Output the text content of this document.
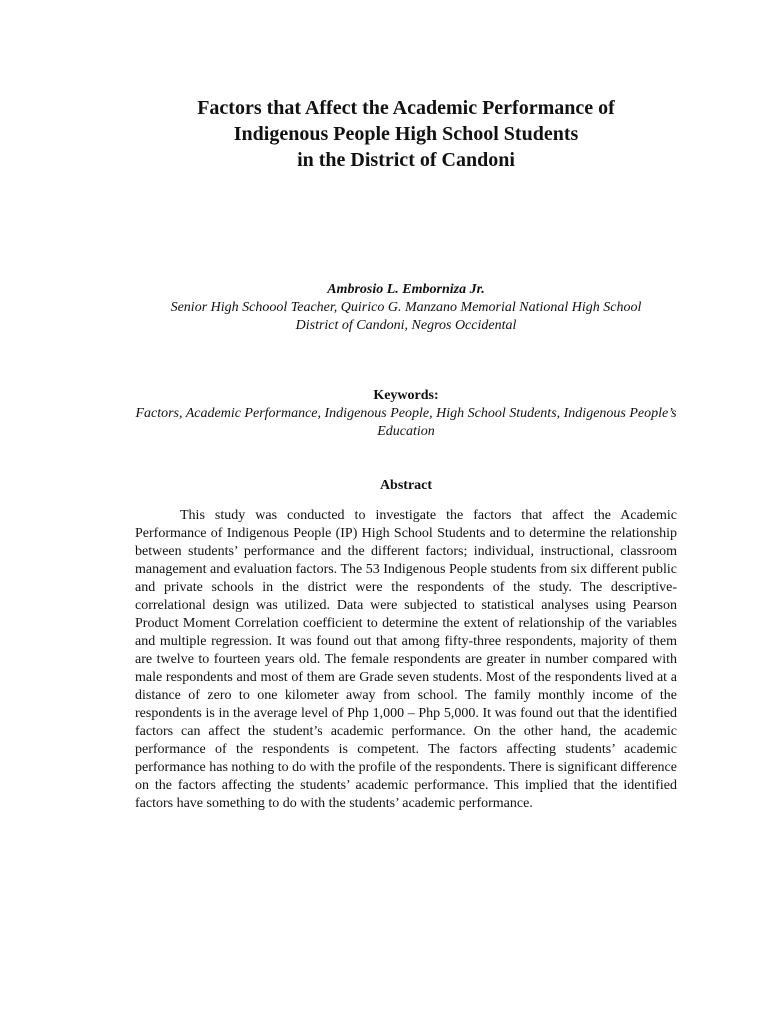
Factors that Affect the Academic Performance of
Indigenous People High School Students
in the District of Candoni
Ambrosio L. Emborniza Jr.
Senior High Schoool Teacher, Quirico G. Manzano Memorial National High School
District of Candoni, Negros Occidental
Keywords:
Factors, Academic Performance, Indigenous People, High School Students, Indigenous People’s Education
Abstract

This study was conducted to investigate the factors that affect the Academic Performance of Indigenous People (IP) High School Students and to determine the relationship between students’ performance and the different factors; individual, instructional, classroom management and evaluation factors. The 53 Indigenous People students from six different public and private schools in the district were the respondents of the study. The descriptive-correlational design was utilized. Data were subjected to statistical analyses using Pearson Product Moment Correlation coefficient to determine the extent of relationship of the variables and multiple regression. It was found out that among fifty-three respondents, majority of them are twelve to fourteen years old. The female respondents are greater in number compared with male respondents and most of them are Grade seven students. Most of the respondents lived at a distance of zero to one kilometer away from school. The family monthly income of the respondents is in the average level of Php 1,000 – Php 5,000. It was found out that the identified factors can affect the student’s academic performance. On the other hand, the academic performance of the respondents is competent. The factors affecting students’ academic performance has nothing to do with the profile of the respondents. There is significant difference on the factors affecting the students’ academic performance. This implied that the identified factors have something to do with the students’ academic performance.
